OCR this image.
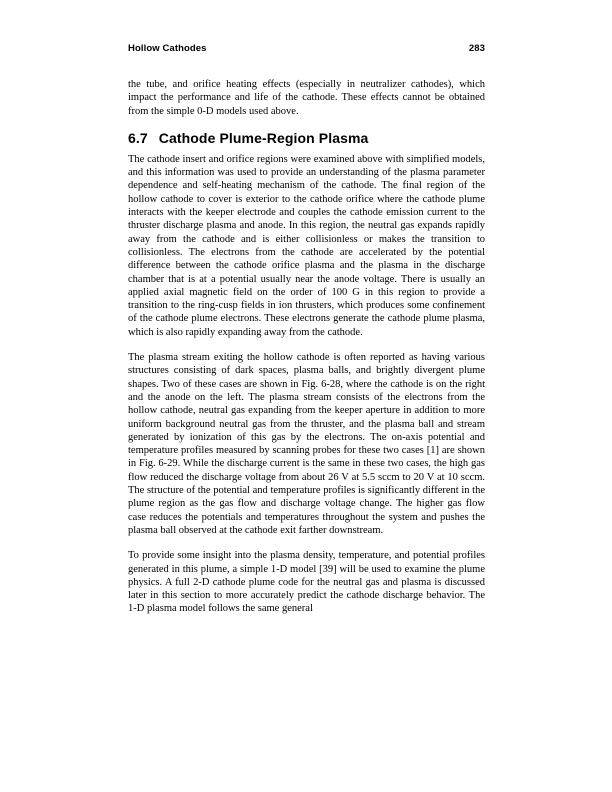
Hollow Cathodes	283

the tube, and orifice heating effects (especially in neutralizer cathodes), which impact the performance and life of the cathode. These effects cannot be obtained from the simple 0-D models used above.

6.7 Cathode Plume-Region Plasma

The cathode insert and orifice regions were examined above with simplified models, and this information was used to provide an understanding of the plasma parameter dependence and self-heating mechanism of the cathode. The final region of the hollow cathode to cover is exterior to the cathode orifice where the cathode plume interacts with the keeper electrode and couples the cathode emission current to the thruster discharge plasma and anode. In this region, the neutral gas expands rapidly away from the cathode and is either collisionless or makes the transition to collisionless. The electrons from the cathode are accelerated by the potential difference between the cathode orifice plasma and the plasma in the discharge chamber that is at a potential usually near the anode voltage. There is usually an applied axial magnetic field on the order of 100 G in this region to provide a transition to the ring-cusp fields in ion thrusters, which produces some confinement of the cathode plume electrons. These electrons generate the cathode plume plasma, which is also rapidly expanding away from the cathode.

The plasma stream exiting the hollow cathode is often reported as having various structures consisting of dark spaces, plasma balls, and brightly divergent plume shapes. Two of these cases are shown in Fig. 6-28, where the cathode is on the right and the anode on the left. The plasma stream consists of the electrons from the hollow cathode, neutral gas expanding from the keeper aperture in addition to more uniform background neutral gas from the thruster, and the plasma ball and stream generated by ionization of this gas by the electrons. The on-axis potential and temperature profiles measured by scanning probes for these two cases [1] are shown in Fig. 6-29. While the discharge current is the same in these two cases, the high gas flow reduced the discharge voltage from about 26 V at 5.5 sccm to 20 V at 10 sccm. The structure of the potential and temperature profiles is significantly different in the plume region as the gas flow and discharge voltage change. The higher gas flow case reduces the potentials and temperatures throughout the system and pushes the plasma ball observed at the cathode exit farther downstream.

To provide some insight into the plasma density, temperature, and potential profiles generated in this plume, a simple 1-D model [39] will be used to examine the plume physics. A full 2-D cathode plume code for the neutral gas and plasma is discussed later in this section to more accurately predict the cathode discharge behavior. The 1-D plasma model follows the same general
